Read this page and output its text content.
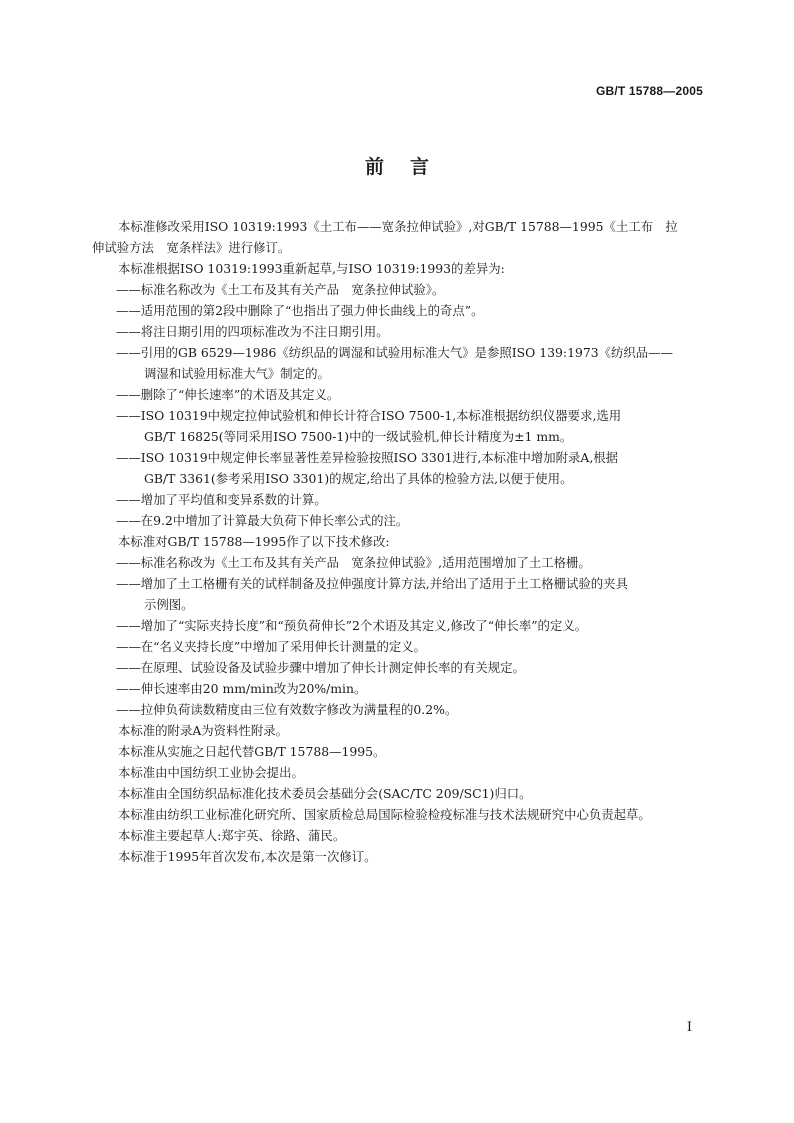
GB/T 15788—2005
前言

本标准修改采用ISO 10319:1993《土工布——宽条拉伸试验》,对GB/T 15788—1995《土工布　拉

伸试验方法　宽条样法》进行修订。

本标准根据ISO 10319:1993重新起草,与ISO 10319:1993的差异为:

——标准名称改为《土工布及其有关产品　宽条拉伸试验》。

——适用范围的第2段中删除了“也指出了强力伸长曲线上的奇点”。

——将注日期引用的四项标准改为不注日期引用。

——引用的GB 6529—1986《纺织品的调湿和试验用标准大气》是参照ISO 139:1973《纺织品——

调湿和试验用标准大气》制定的。

——删除了“伸长速率”的术语及其定义。

——ISO 10319中规定拉伸试验机和伸长计符合ISO 7500-1,本标准根据纺织仪器要求,选用

GB/T 16825(等同采用ISO 7500-1)中的一级试验机,伸长计精度为±1 mm。

——ISO 10319中规定伸长率显著性差异检验按照ISO 3301进行,本标准中增加附录A,根据

GB/T 3361(参考采用ISO 3301)的规定,给出了具体的检验方法,以便于使用。

——增加了平均值和变异系数的计算。

——在9.2中增加了计算最大负荷下伸长率公式的注。

本标准对GB/T 15788—1995作了以下技术修改:

——标准名称改为《土工布及其有关产品　宽条拉伸试验》,适用范围增加了土工格栅。

——增加了土工格栅有关的试样制备及拉伸强度计算方法,并给出了适用于土工格栅试验的夹具

示例图。

——增加了“实际夹持长度”和“预负荷伸长”2个术语及其定义,修改了“伸长率”的定义。

——在“名义夹持长度”中增加了采用伸长计测量的定义。

——在原理、试验设备及试验步骤中增加了伸长计测定伸长率的有关规定。

——伸长速率由20 mm/min改为20%/min。

——拉伸负荷读数精度由三位有效数字修改为满量程的0.2%。

本标准的附录A为资料性附录。

本标准从实施之日起代替GB/T 15788—1995。

本标准由中国纺织工业协会提出。

本标准由全国纺织品标准化技术委员会基础分会(SAC/TC 209/SC1)归口。

本标准由纺织工业标准化研究所、国家质检总局国际检验检疫标准与技术法规研究中心负责起草。

本标准主要起草人:郑宇英、徐路、蒲民。

本标准于1995年首次发布,本次是第一次修订。

I
